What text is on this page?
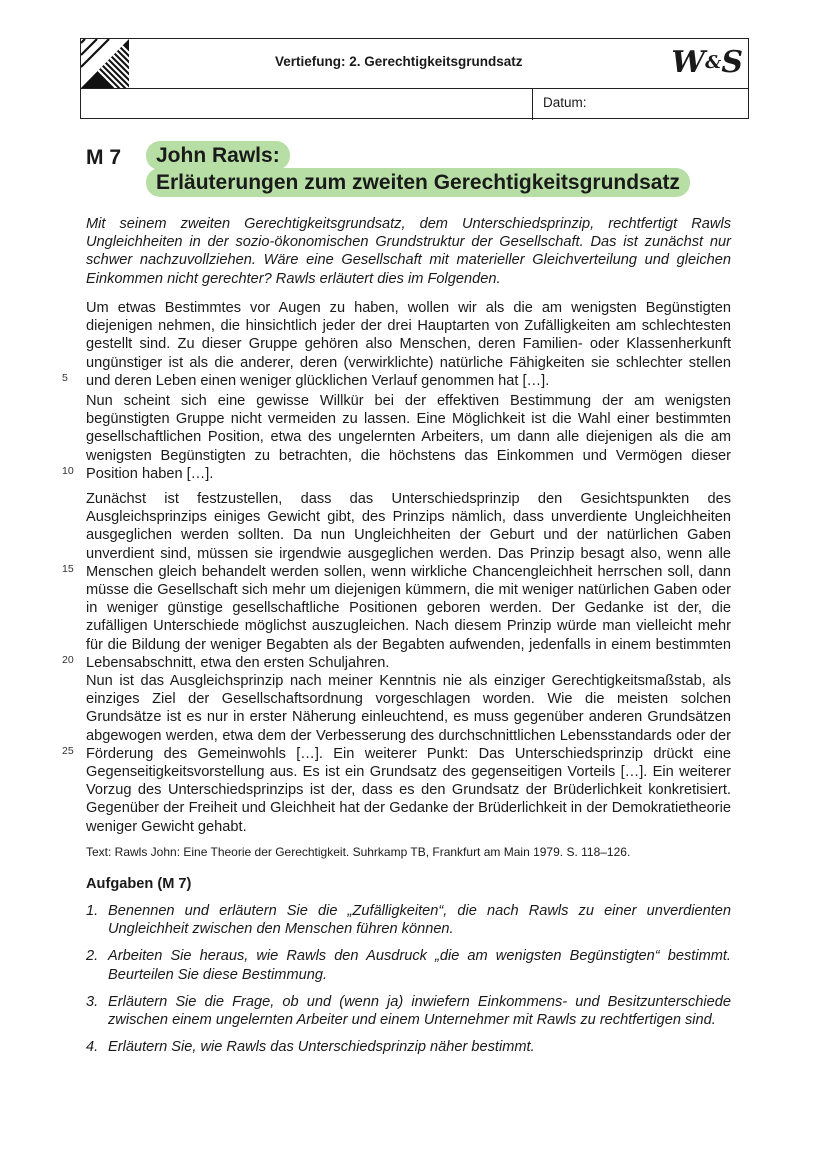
Vertiefung: 2. Gerechtigkeitsgrundsatz	W&S
Datum:
M 7	John Rawls:
Erläuterungen zum zweiten Gerechtigkeitsgrundsatz

Mit seinem zweiten Gerechtigkeitsgrundsatz, dem Unterschiedsprinzip, rechtfertigt Rawls Ungleichheiten in der sozio-ökonomischen Grundstruktur der Gesellschaft. Das ist zunächst nur schwer nachzuvollziehen. Wäre eine Gesellschaft mit materieller Gleichverteilung und gleichen Einkommen nicht gerechter? Rawls erläutert dies im Folgenden.

Um etwas Bestimmtes vor Augen zu haben, wollen wir als die am wenigsten Begünstigten diejenigen nehmen, die hinsichtlich jeder der drei Hauptarten von Zufälligkeiten am schlechtesten gestellt sind. Zu dieser Gruppe gehören also Menschen, deren Familien- oder Klassenherkunft ungünstiger ist als die anderer, deren (verwirklichte) natürliche Fähigkeiten sie schlechter stellen und deren Leben einen weniger glücklichen Verlauf genommen hat […].

Nun scheint sich eine gewisse Willkür bei der effektiven Bestimmung der am wenigsten begünstigten Gruppe nicht vermeiden zu lassen. Eine Möglichkeit ist die Wahl einer bestimmten gesellschaftlichen Position, etwa des ungelernten Arbeiters, um dann alle diejenigen als die am wenigsten Begünstigten zu betrachten, die höchstens das Einkommen und Vermögen dieser Position haben […].

Zunächst ist festzustellen, dass das Unterschiedsprinzip den Gesichtspunkten des Ausgleichsprinzips einiges Gewicht gibt, des Prinzips nämlich, dass unverdiente Ungleichheiten ausgeglichen werden sollten. Da nun Ungleichheiten der Geburt und der natürlichen Gaben unverdient sind, müssen sie irgendwie ausgeglichen werden. Das Prinzip besagt also, wenn alle Menschen gleich behandelt werden sollen, wenn wirkliche Chancengleichheit herrschen soll, dann müsse die Gesellschaft sich mehr um diejenigen kümmern, die mit weniger natürlichen Gaben oder in weniger günstige gesellschaftliche Positionen geboren werden. Der Gedanke ist der, die zufälligen Unterschiede möglichst auszugleichen. Nach diesem Prinzip würde man vielleicht mehr für die Bildung der weniger Begabten als der Begabten aufwenden, jedenfalls in einem bestimmten Lebensabschnitt, etwa den ersten Schuljahren.

Nun ist das Ausgleichsprinzip nach meiner Kenntnis nie als einziger Gerechtigkeitsmaßstab, als einziges Ziel der Gesellschaftsordnung vorgeschlagen worden. Wie die meisten solchen Grundsätze ist es nur in erster Näherung einleuchtend, es muss gegenüber anderen Grundsätzen abgewogen werden, etwa dem der Verbesserung des durchschnittlichen Lebensstandards oder der Förderung des Gemeinwohls […]. Ein weiterer Punkt: Das Unterschiedsprinzip drückt eine Gegenseitigkeitsvorstellung aus. Es ist ein Grundsatz des gegenseitigen Vorteils […]. Ein weiterer Vorzug des Unterschiedsprinzips ist der, dass es den Grundsatz der Brüderlichkeit konkretisiert. Gegenüber der Freiheit und Gleichheit hat der Gedanke der Brüderlichkeit in der Demokratietheorie weniger Gewicht gehabt.

5
10
15
20
25
Text: Rawls John: Eine Theorie der Gerechtigkeit. Suhrkamp TB, Frankfurt am Main 1979. S. 118–126.
Aufgaben (M 7)
1. Benennen und erläutern Sie die „Zufälligkeiten“, die nach Rawls zu einer unverdienten Ungleichheit zwischen den Menschen führen können.
2. Arbeiten Sie heraus, wie Rawls den Ausdruck „die am wenigsten Begünstigten“ bestimmt. Beurteilen Sie diese Bestimmung.
3. Erläutern Sie die Frage, ob und (wenn ja) inwiefern Einkommens- und Besitzunterschiede zwischen einem ungelernten Arbeiter und einem Unternehmer mit Rawls zu rechtfertigen sind.
4. Erläutern Sie, wie Rawls das Unterschiedsprinzip näher bestimmt.
